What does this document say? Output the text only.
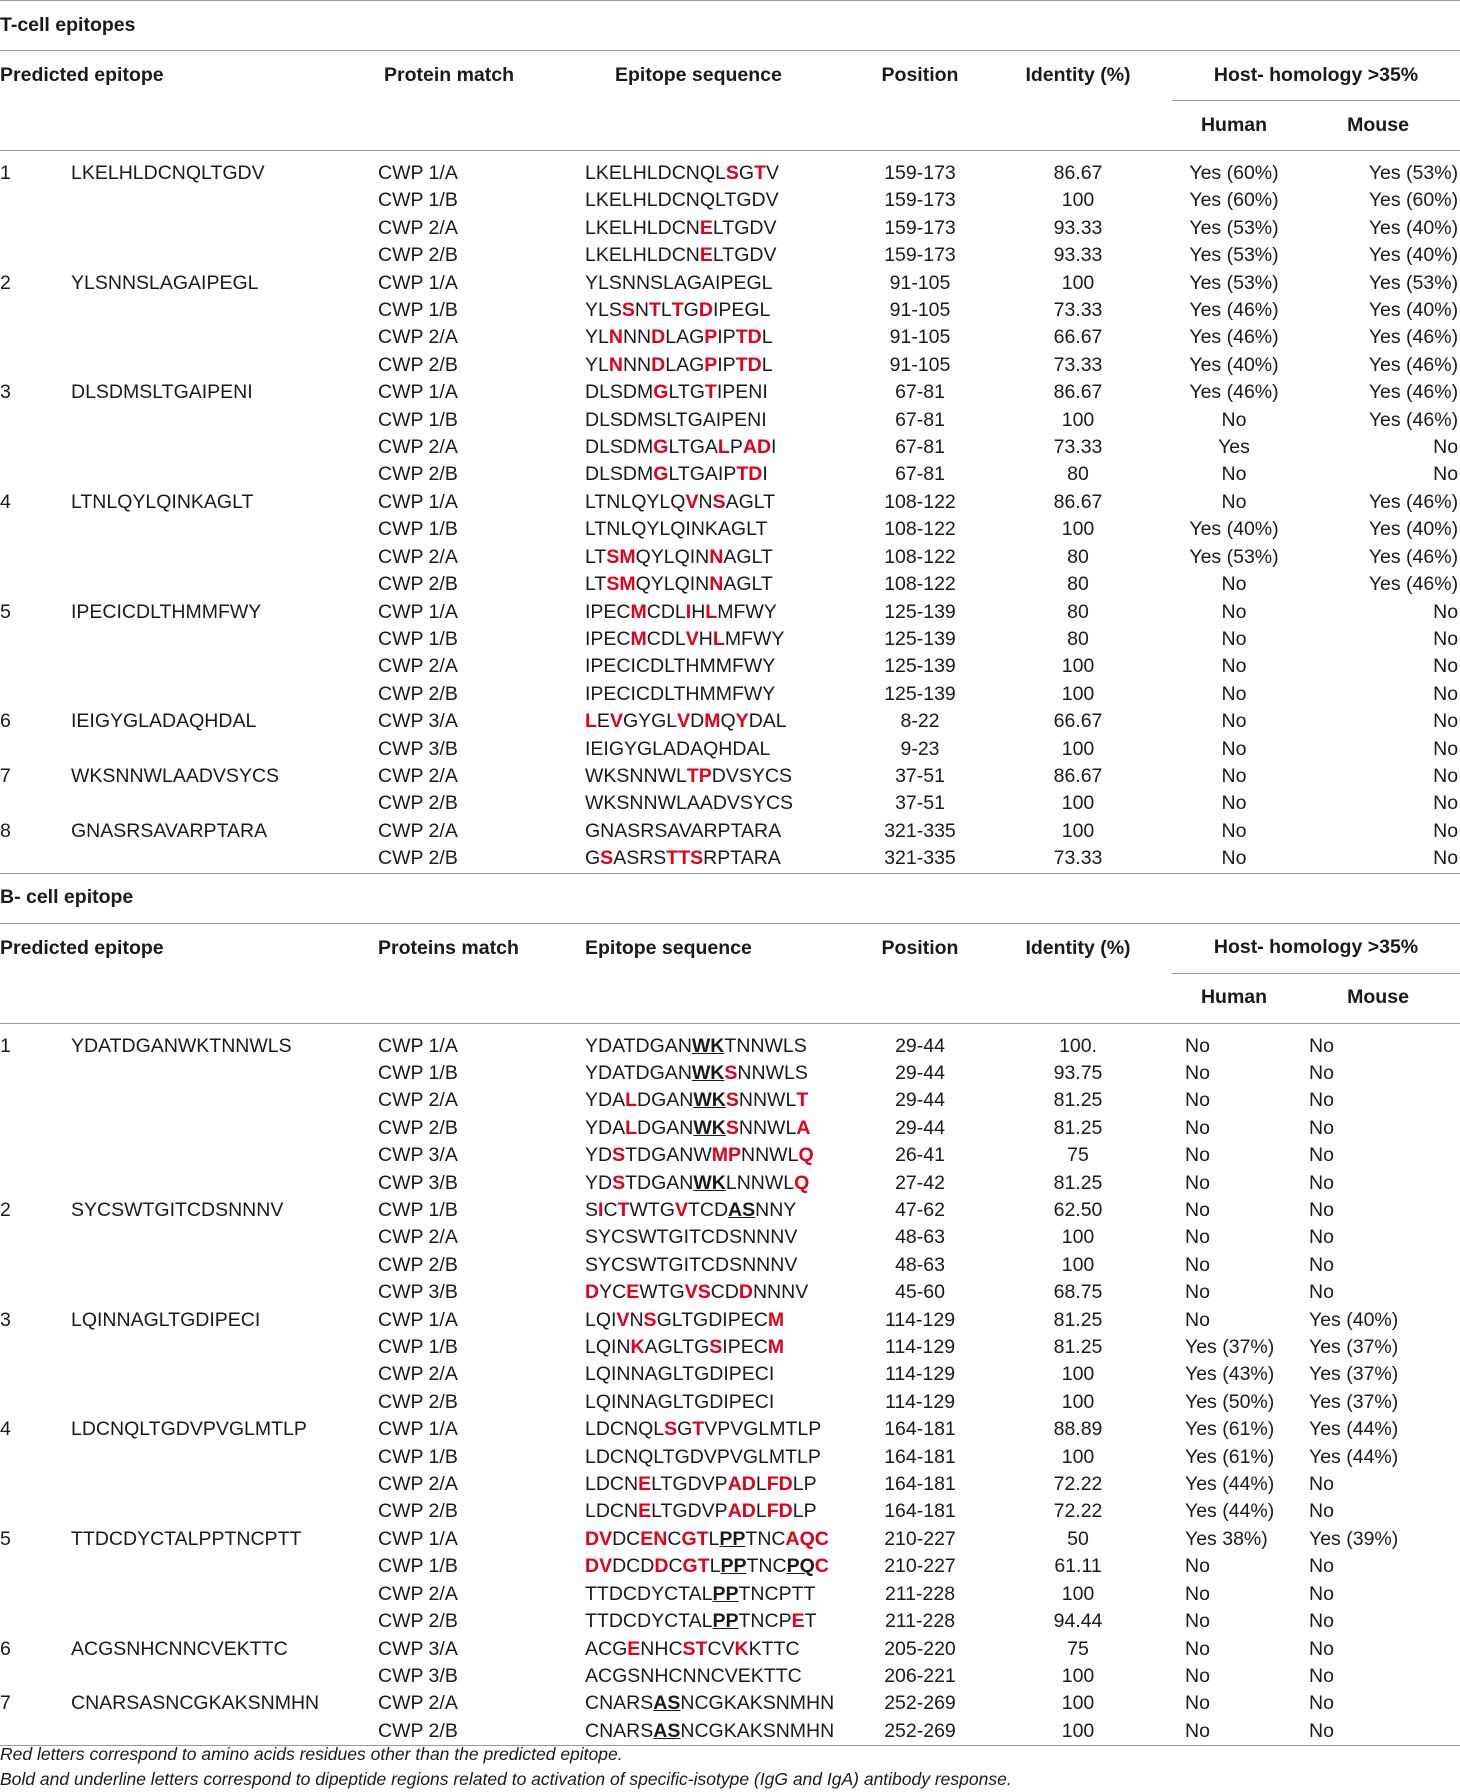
T-cell epitopes							
Predicted epitope		Protein match	Epitope sequence	Position	Identity (%)	Host- homology >35%	
						Human	Mouse

1	LKELHLDCNQLTGDV	CWP 1/A	LKELHLDCNQLSGTV	159-173	86.67	Yes (60%)	Yes (53%)
		CWP 1/B	LKELHLDCNQLTGDV	159-173	100	Yes (60%)	Yes (60%)
		CWP 2/A	LKELHLDCNELTGDV	159-173	93.33	Yes (53%)	Yes (40%)
		CWP 2/B	LKELHLDCNELTGDV	159-173	93.33	Yes (53%)	Yes (40%)
2	YLSNNSLAGAIPEGL	CWP 1/A	YLSNNSLAGAIPEGL	91-105	100	Yes (53%)	Yes (53%)
		CWP 1/B	YLSSNTLTGDIPEGL	91-105	73.33	Yes (46%)	Yes (40%)
		CWP 2/A	YLNNNDLAGPIPTDL	91-105	66.67	Yes (46%)	Yes (46%)
		CWP 2/B	YLNNNDLAGPIPTDL	91-105	73.33	Yes (40%)	Yes (46%)
3	DLSDMSLTGAIPENI	CWP 1/A	DLSDMGLTGTIPENI	67-81	86.67	Yes (46%)	Yes (46%)
		CWP 1/B	DLSDMSLTGAIPENI	67-81	100	No	Yes (46%)
		CWP 2/A	DLSDMGLTGALPADI	67-81	73.33	Yes	No
		CWP 2/B	DLSDMGLTGAIPTDI	67-81	80	No	No
4	LTNLQYLQINKAGLT	CWP 1/A	LTNLQYLQVNSAGLT	108-122	86.67	No	Yes (46%)
		CWP 1/B	LTNLQYLQINKAGLT	108-122	100	Yes (40%)	Yes (40%)
		CWP 2/A	LTSMQYLQINNAGLT	108-122	80	Yes (53%)	Yes (46%)
		CWP 2/B	LTSMQYLQINNAGLT	108-122	80	No	Yes (46%)
5	IPECICDLTHMMFWY	CWP 1/A	IPECMCDLIHLMFWY	125-139	80	No	No
		CWP 1/B	IPECMCDLVHLMFWY	125-139	80	No	No
		CWP 2/A	IPECICDLTHMMFWY	125-139	100	No	No
		CWP 2/B	IPECICDLTHMMFWY	125-139	100	No	No
6	IEIGYGLADAQHDAL	CWP 3/A	LEVGYGLVDMQYDAL	8-22	66.67	No	No
		CWP 3/B	IEIGYGLADAQHDAL	9-23	100	No	No
7	WKSNNWLAADVSYCS	CWP 2/A	WKSNNWLTPDVSYCS	37-51	86.67	No	No
		CWP 2/B	WKSNNWLAADVSYCS	37-51	100	No	No
8	GNASRSAVARPTARA	CWP 2/A	GNASRSAVARPTARA	321-335	100	No	No
		CWP 2/B	GSASRSTTSRPTARA	321-335	73.33	No	No
B- cell epitope							
Predicted epitope		Proteins match	Epitope sequence	Position	Identity (%)	Host- homology >35%	
						Human	Mouse

1	YDATDGANWKTNNWLS	CWP 1/A	YDATDGANWKTNNWLS	29-44	100.	No	No
		CWP 1/B	YDATDGANWKSNNWLS	29-44	93.75	No	No
		CWP 2/A	YDALDGANWKSNNWLT	29-44	81.25	No	No
		CWP 2/B	YDALDGANWKSNNWLA	29-44	81.25	No	No
		CWP 3/A	YDSTDGANWMPNNWLQ	26-41	75	No	No
		CWP 3/B	YDSTDGANWKLNNWLQ	27-42	81.25	No	No
2	SYCSWTGITCDSNNNV	CWP 1/B	SICTWTGVTCDASNNY	47-62	62.50	No	No
		CWP 2/A	SYCSWTGITCDSNNNV	48-63	100	No	No
		CWP 2/B	SYCSWTGITCDSNNNV	48-63	100	No	No
		CWP 3/B	DYCEWTGVSCDDNNNV	45-60	68.75	No	No
3	LQINNAGLTGDIPECI	CWP 1/A	LQIVNSGLTGDIPECM	114-129	81.25	No	Yes (40%)
		CWP 1/B	LQINKAGLTGSIPECM	114-129	81.25	Yes (37%)	Yes (37%)
		CWP 2/A	LQINNAGLTGDIPECI	114-129	100	Yes (43%)	Yes (37%)
		CWP 2/B	LQINNAGLTGDIPECI	114-129	100	Yes (50%)	Yes (37%)
4	LDCNQLTGDVPVGLMTLP	CWP 1/A	LDCNQLSGTVPVGLMTLP	164-181	88.89	Yes (61%)	Yes (44%)
		CWP 1/B	LDCNQLTGDVPVGLMTLP	164-181	100	Yes (61%)	Yes (44%)
		CWP 2/A	LDCNELTGDVPADLFDLP	164-181	72.22	Yes (44%)	No
		CWP 2/B	LDCNELTGDVPADLFDLP	164-181	72.22	Yes (44%)	No
5	TTDCDYCTALPPTNCPTT	CWP 1/A	DVDCENCGTLPPTNCAQC	210-227	50	Yes 38%)	Yes (39%)
		CWP 1/B	DVDCDDCGTLPPTNCPQC	210-227	61.11	No	No
		CWP 2/A	TTDCDYCTALPPTNCPTT	211-228	100	No	No
		CWP 2/B	TTDCDYCTALPPTNCPET	211-228	94.44	No	No
6	ACGSNHCNNCVEKTTC	CWP 3/A	ACGENHCSTCVKKTTC	205-220	75	No	No
		CWP 3/B	ACGSNHCNNCVEKTTC	206-221	100	No	No
7	CNARSASNCGKAKSNMHN	CWP 2/A	CNARSASNCGKAKSNMHN	252-269	100	No	No
		CWP 2/B	CNARSASNCGKAKSNMHN	252-269	100	No	No
Red letters correspond to amino acids residues other than the predicted epitope.
Bold and underline letters correspond to dipeptide regions related to activation of specific-isotype (IgG and IgA) antibody response.
